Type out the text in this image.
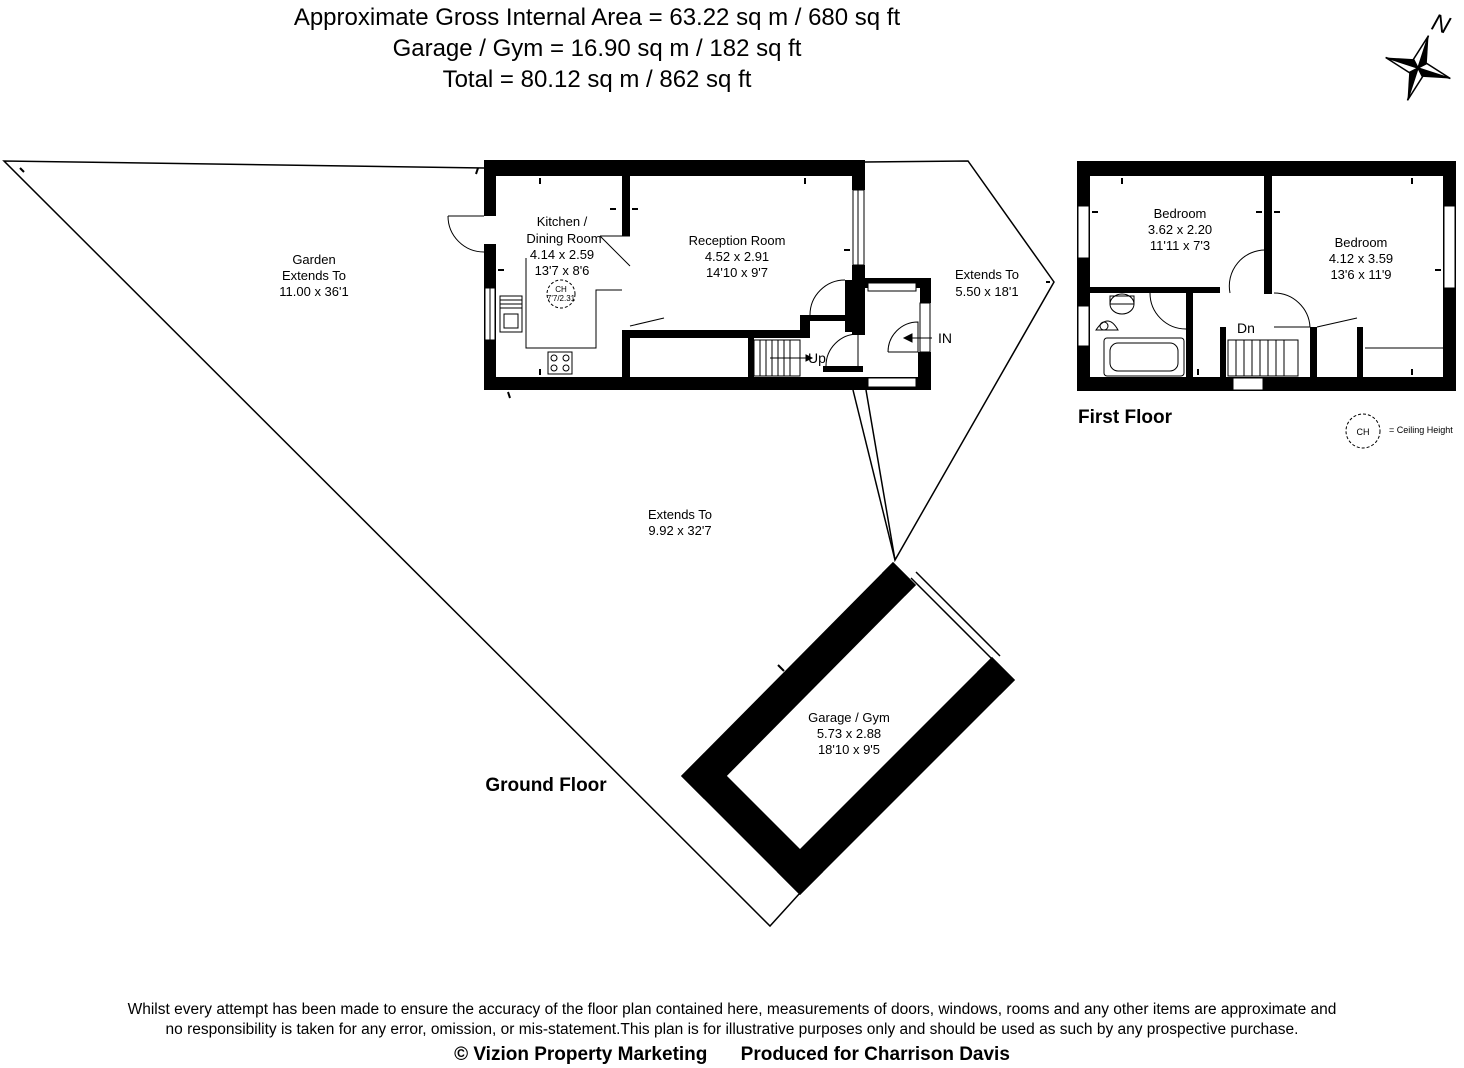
Approximate Gross Internal Area = 63.22 sq m / 680 sq ft
Garage / Gym = 16.90 sq m / 182 sq ft
Total = 80.12 sq m / 862 sq ft
N
Garden
Extends To
11.00 x 36'1
Kitchen /
Dining Room
4.14 x 2.59
13'7 x 8'6
CH
7'7/2.31
Reception Room
4.52 x 2.91
14'10 x 9'7	Extends To
5.50 x 18'1
Extends To
9.92 x 32'7
Garage / Gym
5.73 x 2.88
18'10 x 9'5
Up
IN
Ground Floor
Bedroom
3.62 x 2.20
11'11 x 7'3	Bedroom
4.12 x 3.59
13'6 x 11'9
Dn
First Floor
CH = Ceiling Height
Whilst every attempt has been made to ensure the accuracy of the floor plan contained here, measurements of doors, windows, rooms and any other items are approximate and
no responsibility is taken for any error, omission, or mis-statement.This plan is for illustrative purposes only and should be used as such by any prospective purchase.
© Vizion Property Marketing Produced for Charrison Davis
